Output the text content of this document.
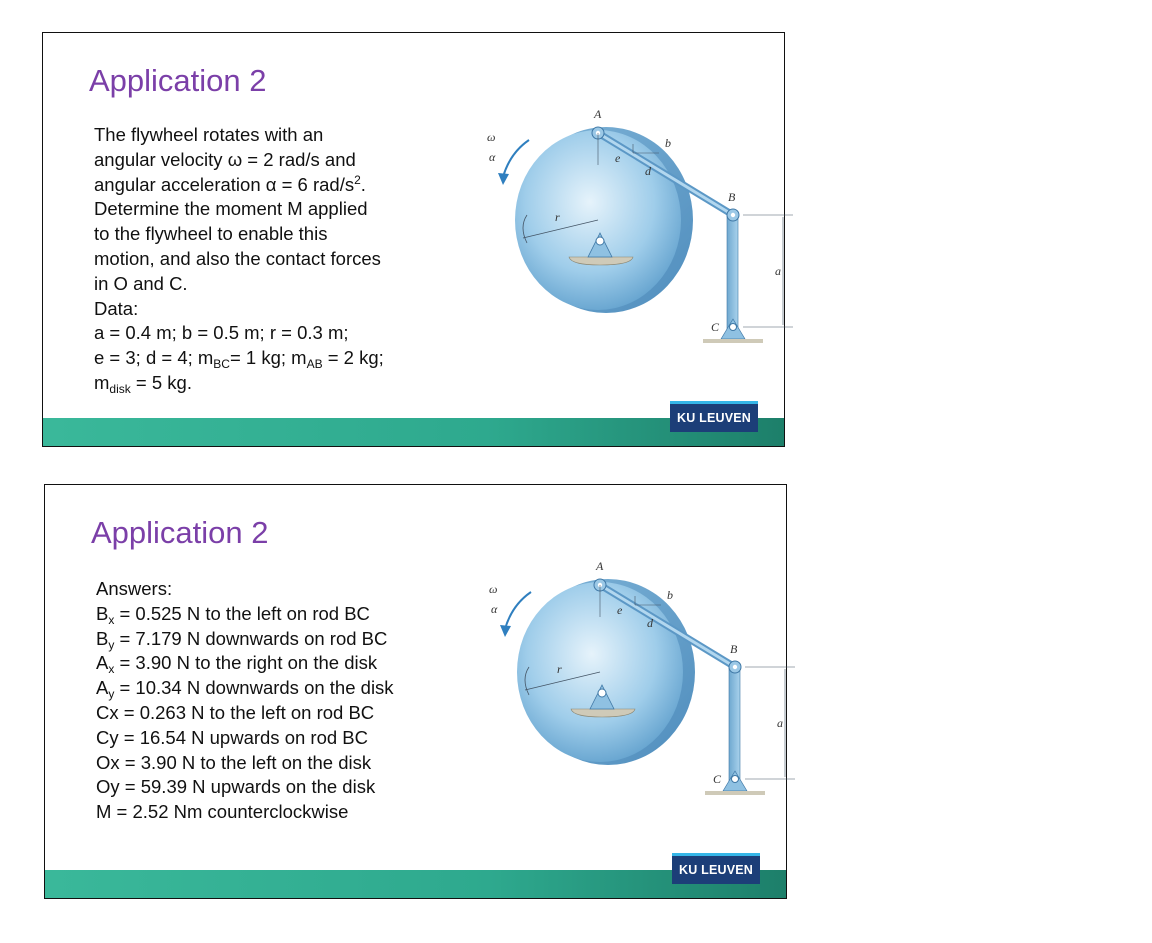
Application 2

The flywheel rotates with an

angular velocity ω = 2 rad/s and

angular acceleration α = 6 rad/$s^2$.

Determine the moment M applied

to the flywheel to enable this

motion, and also the contact forces

in O and C.

Data:

a = 0.4 m; b = 0.5 m; r = 0.3 m;

e = 3; d = 4; $m_{BC}= 1$ kg; $m_{AB} = 2$ kg;

$m_{disk} = 5$ kg.

ω
α
A
b
B
d
e
r
C
a
KU LEUVEN
Application 2

Answers:

$B_x = 0.525$ N to the left on rod BC

$B_y = 7.179$ N downwards on rod BC

$A_x = 3.90$ N to the right on the disk

$A_y = 10.34$ N downwards on the disk

Cx = 0.263 N to the left on rod BC

Cy = 16.54 N upwards on rod BC

Ox = 3.90 N to the left on the disk

Oy = 59.39 N upwards on the disk

M = 2.52 Nm counterclockwise

ω
α
A
b
B
d
e
r
C
a
KU LEUVEN
